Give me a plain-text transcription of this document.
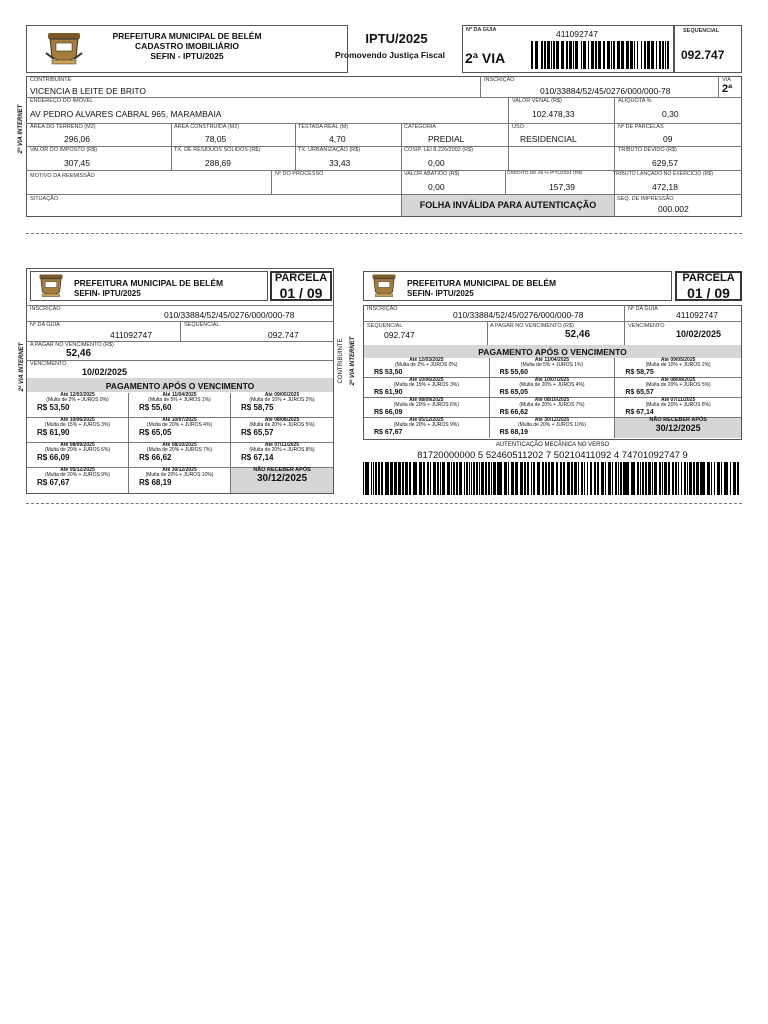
PREFEITURA MUNICIPAL DE BELÉM
CADASTRO IMOBILIÁRIO
SEFIN - IPTU/2025
IPTU/2025
Promovendo Justiça Fiscal
Nº DA GUIA	411092747
2ª VIA
SEQUENCIAL
092.747
2ª VIA INTERNET
CONTRIBUINTE
VICENCIA B LEITE DE BRITO
INSCRIÇÃO
010/33884/52/45/0276/000/000-78
VIA
2ª
ENDEREÇO DO IMÓVEL
AV PEDRO ALVARES CABRAL 965, MARAMBAIA
VALOR VENAL (R$)
102.478,33
ALÍQUOTA %
0,30
ÁREA DO TERRENO (M2)
296,06
ÁREA CONSTRUÍDA (M2)
78,05
TESTADA REAL (M)
4,70
CATEGORIA
PREDIAL
USO
RESIDENCIAL
Nº DE PARCELAS
09
VALOR DO IMPOSTO (R$)
307,45
TX. DE RESÍDUOS SÓLIDOS (R$)
288,69
TX. URBANIZAÇÃO (R$)
33,43
COSIP. LEI 8.226/2002 (R$)
0,00
TRIBUTO DEVIDO (R$)
629,57
MOTIVO DA REEMISSÃO	Nº DO PROCESSO	VALOR ABATIDO (R$)
0,00
CRÉDITO DE 25 % IPTU2024 (R$)
157,39
TRIBUTO LANÇADO NO EXERCÍCIO (R$)
472,18
SITUAÇÃO
FOLHA INVÁLIDA PARA AUTENTICAÇÃO
SEQ. DE IMPRESSÃO
000.002
2ª VIA INTERNET
PREFEITURA MUNICIPAL DE BELÉM
SEFIN- IPTU/2025
PARCELA
01 / 09
INSCRIÇÃO
010/33884/52/45/0276/000/000-78
Nº DA GUIA
411092747
SEQUENCIAL
092.747
A PAGAR NO VENCIMENTO (R$)
52,46
VENCIMENTO
10/02/2025
PAGAMENTO APÓS O VENCIMENTO
Até 12/03/2025
(Multa de 2% + JUROS 0%)
R$ 53,50
Até 11/04/2025
(Multa de 5% + JUROS 1%)
R$ 55,60
Até 09/05/2025
(Multa de 10% + JUROS 2%)
R$ 58,75
Até 10/06/2025
(Multa de 15% + JUROS 3%)
R$ 61,90
Até 10/07/2025
(Multa de 20% + JUROS 4%)
R$ 65,05
Até 08/08/2025
(Multa de 20% + JUROS 5%)
R$ 65,57
Até 08/09/2025
(Multa de 20% + JUROS 6%)
R$ 66,09
Até 08/10/2025
(Multa de 20% + JUROS 7%)
R$ 66,62
Até 07/11/2025
(Multa de 20% + JUROS 8%)
R$ 67,14
Até 05/12/2025
(Multa de 20% + JUROS 9%)
R$ 67,67
Até 30/12/2025
(Multa de 20% + JUROS 10%)
R$ 68,19
NÃO RECEBER APÓS
30/12/2025
CONTRIBUINTE 2ª VIA INTERNET
PREFEITURA MUNICIPAL DE BELÉM
SEFIN- IPTU/2025
PARCELA
01 / 09
INSCRIÇÃO
010/33884/52/45/0276/000/000-78
Nº DA GUIA
411092747
SEQUENCIAL
092.747
A PAGAR NO VENCIMENTO (R$)
52,46
VENCIMENTO
10/02/2025
PAGAMENTO APÓS O VENCIMENTO
Até 12/03/2025
(Multa de 2% + JUROS 0%)
R$ 53,50
Até 11/04/2025
(Multa de 5% + JUROS 1%)
R$ 55,60
Até 09/05/2025
(Multa de 10% + JUROS 2%)
R$ 58,75
Até 10/06/2025
(Multa de 15% + JUROS 3%)
R$ 61,90
Até 10/07/2025
(Multa de 20% + JUROS 4%)
R$ 65,05
Até 08/08/2025
(Multa de 20% + JUROS 5%)
R$ 65,57
Até 08/09/2025
(Multa de 20% + JUROS 6%)
R$ 66,09
Até 08/10/2025
(Multa de 20% + JUROS 7%)
R$ 66,62
Até 07/11/2025
(Multa de 20% + JUROS 8%)
R$ 67,14
Até 05/12/2025
(Multa de 20% + JUROS 9%)
R$ 67,67
Até 30/12/2025
(Multa de 20% + JUROS 10%)
R$ 68,19
NÃO RECEBER APÓS
30/12/2025
AUTENTICAÇÃO MECÂNICA NO VERSO
81720000000 5 52460511202 7 50210411092 4 74701092747 9
